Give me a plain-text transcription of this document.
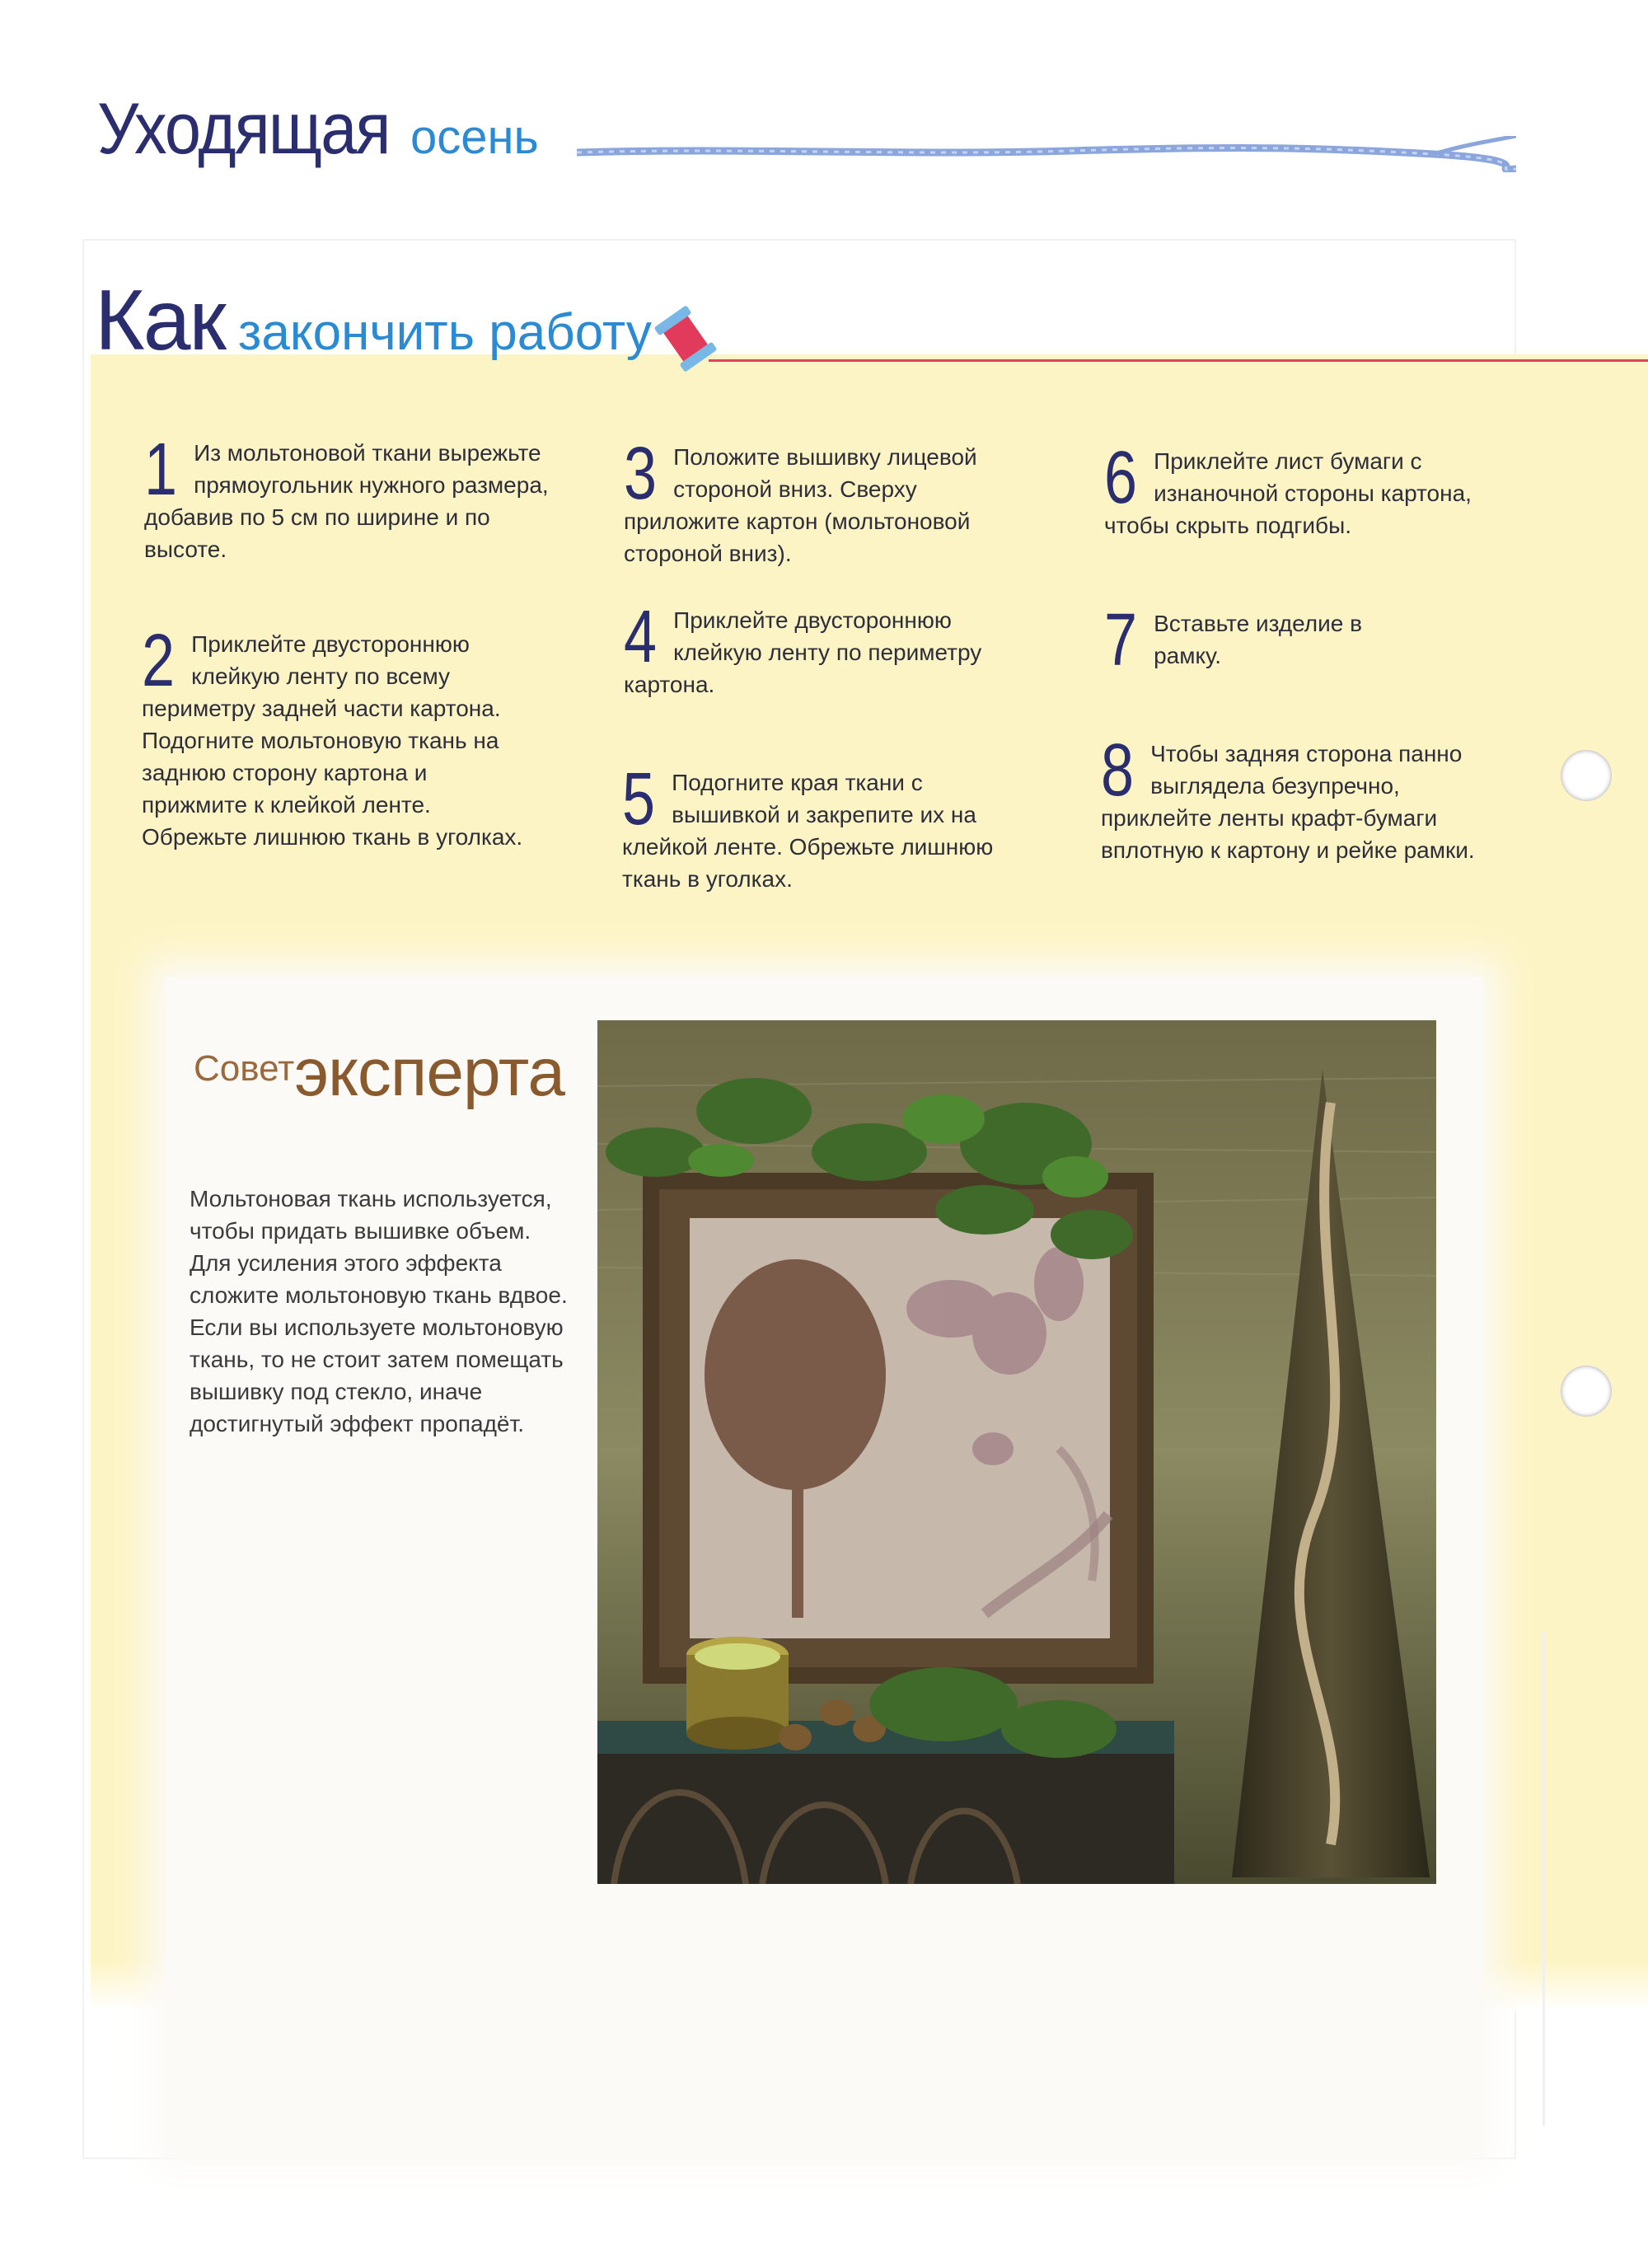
Уходящая осень
Как закончить работу
1 Из мольтоновой ткани вырежьте прямоугольник нужного размера, добавив по 5 см по ширине и по высоте.
2 Приклейте двустороннюю клейкую ленту по всему периметру задней части картона. Подогните мольтоновую ткань на заднюю сторону картона и прижмите к клейкой ленте. Обрежьте лишнюю ткань в уголках.
3 Положите вышивку лицевой стороной вниз. Сверху приложите картон (мольтоновой стороной вниз).
4 Приклейте двустороннюю клейкую ленту по периметру картона.
5 Подогните края ткани с вышивкой и закрепите их на клейкой ленте. Обрежьте лишнюю ткань в уголках.
6 Приклейте лист бумаги с изнаночной стороны картона, чтобы скрыть подгибы.
7 Вставьте изделие в рамку.
8 Чтобы задняя сторона панно выглядела безупречно, приклейте ленты крафт-бумаги вплотную к картону и рейке рамки.
Совет эксперта
Мольтоновая ткань используется, чтобы придать вышивке объем. Для усиления этого эффекта сложите мольтоновую ткань вдвое. Если вы используете мольтоновую ткань, то не стоит затем помещать вышивку под стекло, иначе достигнутый эффект пропадёт.
